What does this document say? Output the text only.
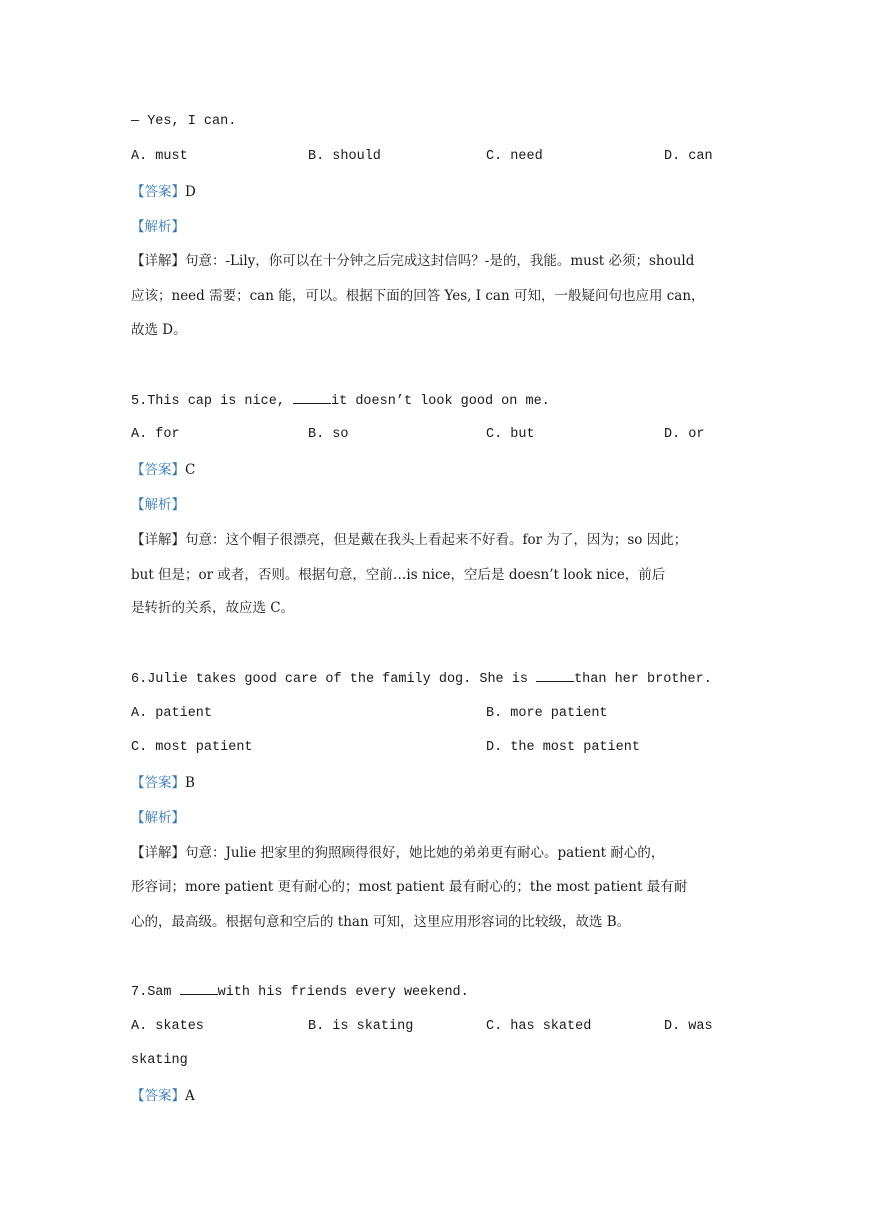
— Yes, I can.
A. must	B. should	C. need	D. can
【答案】D
【解析】
【详解】句意：-Lily，你可以在十分钟之后完成这封信吗？-是的，我能。must 必须；should
应该；need 需要；can 能，可以。根据下面的回答 Yes, I can 可知，一般疑问句也应用 can，
故选 D。
5.This cap is nice,	it doesn’t look good on me.
A. for	B. so	C. but	D. or
【答案】C
【解析】
【详解】句意：这个帽子很漂亮，但是戴在我头上看起来不好看。for 为了，因为；so 因此；
but 但是；or 或者，否则。根据句意，空前…is nice，空后是 doesn’t look nice，前后
是转折的关系，故应选 C。
6.Julie takes good care of the family dog. She is	than her brother.
A. patient	B. more patient
C. most patient	D. the most patient
【答案】B
【解析】
【详解】句意：Julie 把家里的狗照顾得很好，她比她的弟弟更有耐心。patient 耐心的，
形容词；more patient 更有耐心的；most patient 最有耐心的；the most patient 最有耐
心的，最高级。根据句意和空后的 than 可知，这里应用形容词的比较级，故选 B。
7.Sam	with his friends every weekend.
A. skates	B. is skating	C. has skated	D. was
skating
【答案】A
